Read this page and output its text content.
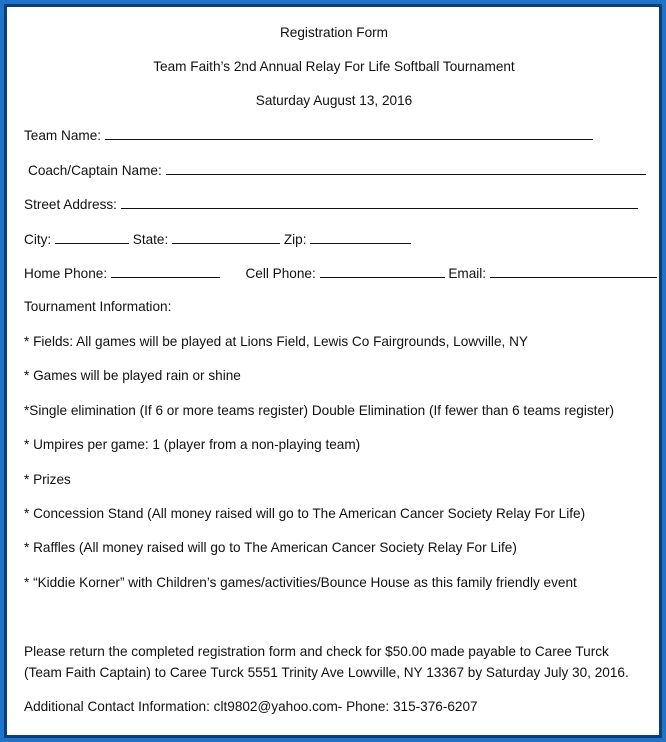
Registration Form
Team Faith’s 2nd Annual Relay For Life Softball Tournament
Saturday August 13, 2016
Team Name:
Coach/Captain Name:
Street Address:
City:	State:	Zip:
Home Phone:	Cell Phone:	Email:
Tournament Information:
* Fields: All games will be played at Lions Field, Lewis Co Fairgrounds, Lowville, NY
* Games will be played rain or shine
*Single elimination (If 6 or more teams register) Double Elimination (If fewer than 6 teams register)
* Umpires per game: 1 (player from a non-playing team)
* Prizes
* Concession Stand (All money raised will go to The American Cancer Society Relay For Life)
* Raffles (All money raised will go to The American Cancer Society Relay For Life)
* “Kiddie Korner” with Children’s games/activities/Bounce House as this family friendly event
Please return the completed registration form and check for $50.00 made payable to Caree Turck (Team Faith Captain) to Caree Turck 5551 Trinity Ave Lowville, NY 13367 by Saturday July 30, 2016.
Additional Contact Information: clt9802@yahoo.com- Phone: 315-376-6207
